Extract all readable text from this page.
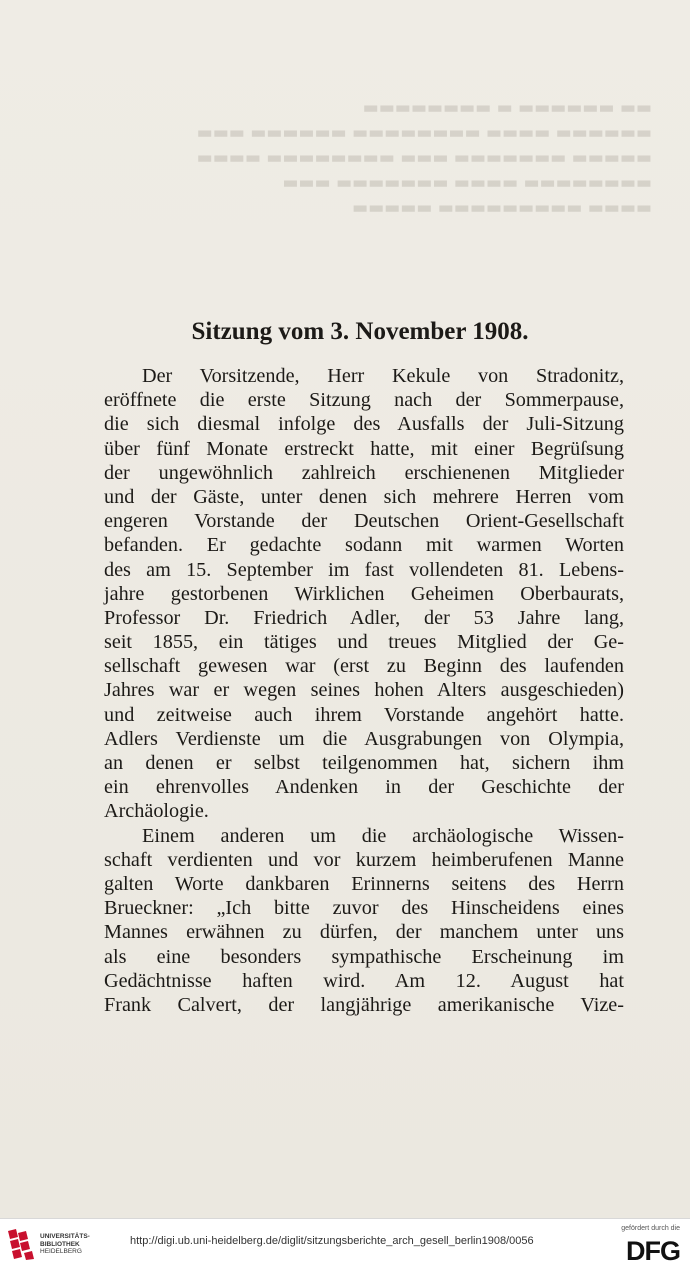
▬▬ ▬▬▬▬▬▬ ▬ ▬▬▬▬▬▬▬▬
▬▬▬▬▬▬ ▬▬▬▬ ▬▬▬▬▬▬▬▬ ▬▬▬▬▬▬ ▬▬▬
▬▬▬▬▬ ▬▬▬▬▬▬▬ ▬▬▬ ▬▬▬▬▬▬▬▬ ▬▬▬▬
▬▬▬▬▬▬▬▬ ▬▬▬▬ ▬▬▬▬▬▬▬ ▬▬▬
▬▬▬▬ ▬▬▬▬▬▬▬▬▬ ▬▬▬▬▬
Sitzung vom 3. November 1908.
Der Vorsitzende, Herr Kekule von Stradonitz,
eröffnete die erste Sitzung nach der Sommerpause,
die sich diesmal infolge des Ausfalls der Juli-Sitzung
über fünf Monate erstreckt hatte, mit einer Begrüſsung
der ungewöhnlich zahlreich erschienenen Mitglieder
und der Gäste, unter denen sich mehrere Herren vom
engeren Vorstande der Deutschen Orient-Gesellschaft
befanden. Er gedachte sodann mit warmen Worten
des am 15. September im fast vollendeten 81. Lebens-
jahre gestorbenen Wirklichen Geheimen Oberbaurats,
Professor Dr. Friedrich Adler, der 53 Jahre lang,
seit 1855, ein tätiges und treues Mitglied der Ge-
sellschaft gewesen war (erst zu Beginn des laufenden
Jahres war er wegen seines hohen Alters ausgeschieden)
und zeitweise auch ihrem Vorstande angehört hatte.
Adlers Verdienste um die Ausgrabungen von Olympia,
an denen er selbst teilgenommen hat, sichern ihm
ein ehrenvolles Andenken in der Geschichte der
Archäologie.
Einem anderen um die archäologische Wissen-
schaft verdienten und vor kurzem heimberufenen Manne
galten Worte dankbaren Erinnerns seitens des Herrn
Brueckner: „Ich bitte zuvor des Hinscheidens eines
Mannes erwähnen zu dürfen, der manchem unter uns
als eine besonders sympathische Erscheinung im
Gedächtnisse haften wird. Am 12. August hat
Frank Calvert, der langjährige amerikanische Vize-
UNIVERSITÄTS-
BIBLIOTHEK
HEIDELBERG
http://digi.ub.uni-heidelberg.de/diglit/sitzungsberichte_arch_gesell_berlin1908/0056
gefördert durch die
DFG
